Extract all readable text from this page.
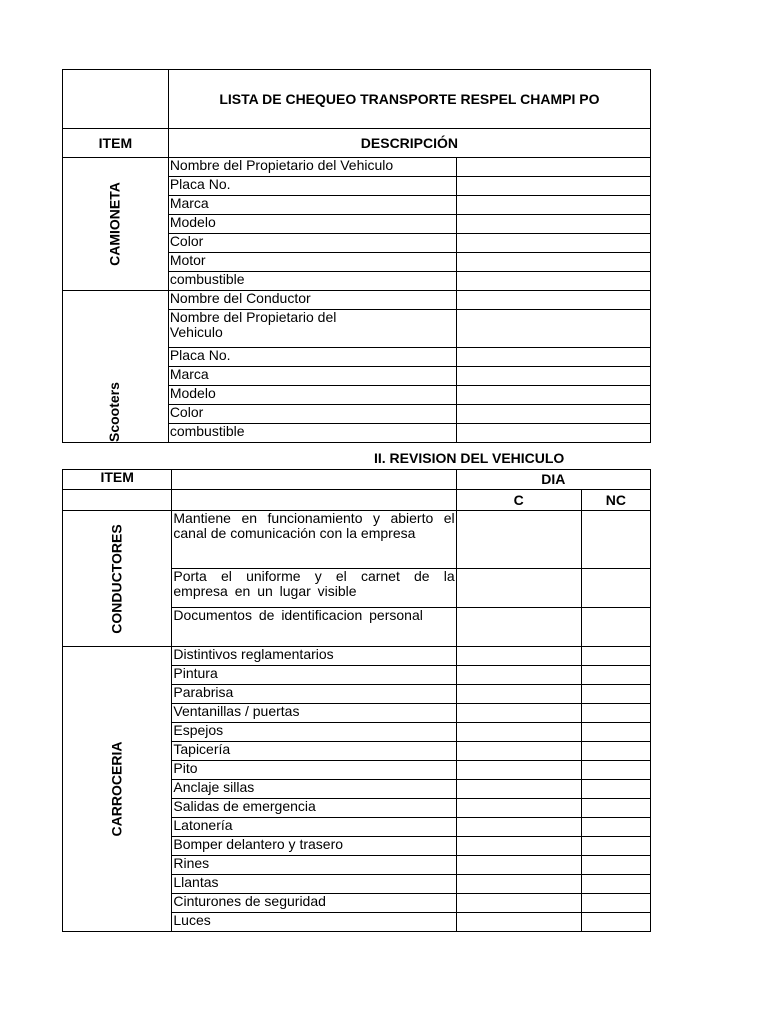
	LISTA DE CHEQUEO TRANSPORTE RESPEL CHAMPI PO	
ITEM	DESCRIPCIÓN	

CAMIONETA	Nombre del Propietario del Vehiculo	
	Placa No.	
	Marca	
	Modelo	
	Color	
	Motor	
	combustible	

Scooters	Nombre del Conductor	
	Nombre del Propietario del Vehiculo	
	Placa No.	
	Marca	
	Modelo	
	Color	
	combustible	
II. REVISION DEL VEHICULO
ITEM		DIA	
		C	NC

CONDUCTORES	Mantiene en funcionamiento y abierto el canal de comunicación con la empresa		
	Porta el uniforme y el carnet de la empresa en un lugar visible		
	Documentos de identificacion personal		

CARROCERIA	Distintivos reglamentarios		
	Pintura		
	Parabrisa		
	Ventanillas / puertas		
	Espejos		
	Tapicería		
	Pito		
	Anclaje sillas		
	Salidas de emergencia		
	Latonería		
	Bomper delantero y trasero		
	Rines		
	Llantas		
	Cinturones de seguridad		
	Luces		
